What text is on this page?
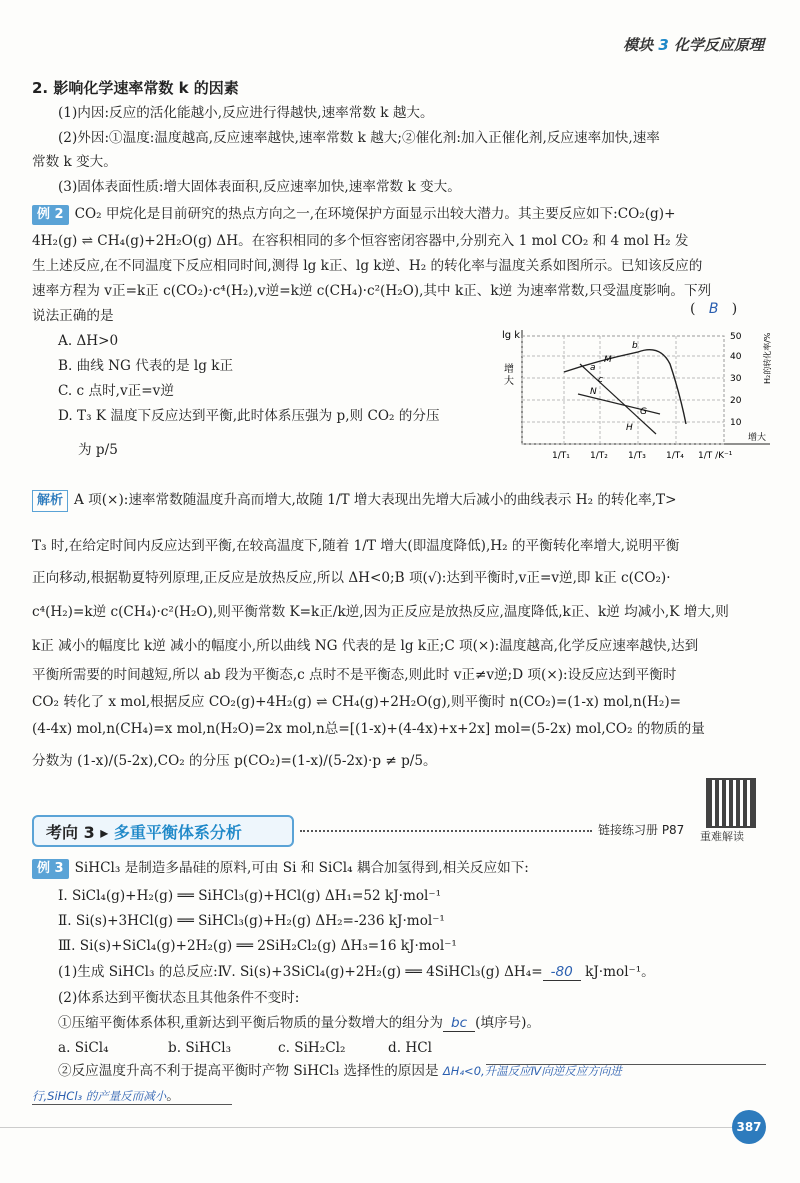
模块 3 化学反应原理
2. 影响化学速率常数 k 的因素
(1)内因:反应的活化能越小,反应进行得越快,速率常数 k 越大。
(2)外因:①温度:温度越高,反应速率越快,速率常数 k 越大;②催化剂:加入正催化剂,反应速率加快,速率
常数 k 变大。
(3)固体表面性质:增大固体表面积,反应速率加快,速率常数 k 变大。
例 2 CO₂ 甲烷化是目前研究的热点方向之一,在环境保护方面显示出较大潜力。其主要反应如下:CO₂(g)+
4H₂(g) ⇌ CH₄(g)+2H₂O(g) ΔH。在容积相同的多个恒容密闭容器中,分别充入 1 mol CO₂ 和 4 mol H₂ 发
生上述反应,在不同温度下反应相同时间,测得 lg k正、lg k逆、H₂ 的转化率与温度关系如图所示。已知该反应的
速率方程为 v正=k正 c(CO₂)·c⁴(H₂),v逆=k逆 c(CH₄)·c²(H₂O),其中 k正、k逆 为速率常数,只受温度影响。下列
说法正确的是	( B )
A. ΔH>0
B. 曲线 NG 代表的是 lg k正
C. c 点时,v正=v逆
D. T₃ K 温度下反应达到平衡,此时体系压强为 p,则 CO₂ 的分压
为 p/5
lg k
增
大
50
40
30
20
10
H₂的转化率/%
1/T₁ 1/T₂ 1/T₃ 1/T₄ 1/T /K⁻¹
增大
a
M
b
N
c
G
H
解析 A 项(×):速率常数随温度升高而增大,故随 1/T 增大表现出先增大后减小的曲线表示 H₂ 的转化率,T>
T₃ 时,在给定时间内反应达到平衡,在较高温度下,随着 1/T 增大(即温度降低),H₂ 的平衡转化率增大,说明平衡
正向移动,根据勒夏特列原理,正反应是放热反应,所以 ΔH<0;B 项(√):达到平衡时,v正=v逆,即 k正 c(CO₂)·
c⁴(H₂)=k逆 c(CH₄)·c²(H₂O),则平衡常数 K=k正/k逆,因为正反应是放热反应,温度降低,k正、k逆 均减小,K 增大,则
k正 减小的幅度比 k逆 减小的幅度小,所以曲线 NG 代表的是 lg k正;C 项(×):温度越高,化学反应速率越快,达到
平衡所需要的时间越短,所以 ab 段为平衡态,c 点时不是平衡态,则此时 v正≠v逆;D 项(×):设反应达到平衡时
CO₂ 转化了 x mol,根据反应 CO₂(g)+4H₂(g) ⇌ CH₄(g)+2H₂O(g),则平衡时 n(CO₂)=(1-x) mol,n(H₂)=
(4-4x) mol,n(CH₄)=x mol,n(H₂O)=2x mol,n总=[(1-x)+(4-4x)+x+2x] mol=(5-2x) mol,CO₂ 的物质的量
分数为 (1-x)/(5-2x),CO₂ 的分压 p(CO₂)=(1-x)/(5-2x)·p ≠ p/5。
重难解读
考向 3 ▸ 多重平衡体系分析	链接练习册 P87
例 3 SiHCl₃ 是制造多晶硅的原料,可由 Si 和 SiCl₄ 耦合加氢得到,相关反应如下:
Ⅰ. SiCl₄(g)+H₂(g) ══ SiHCl₃(g)+HCl(g) ΔH₁=52 kJ·mol⁻¹
Ⅱ. Si(s)+3HCl(g) ══ SiHCl₃(g)+H₂(g) ΔH₂=-236 kJ·mol⁻¹
Ⅲ. Si(s)+SiCl₄(g)+2H₂(g) ══ 2SiH₂Cl₂(g) ΔH₃=16 kJ·mol⁻¹
(1)生成 SiHCl₃ 的总反应:Ⅳ. Si(s)+3SiCl₄(g)+2H₂(g) ══ 4SiHCl₃(g) ΔH₄= -80 kJ·mol⁻¹。
(2)体系达到平衡状态且其他条件不变时:
①压缩平衡体系体积,重新达到平衡后物质的量分数增大的组分为 bc (填序号)。
a. SiCl₄	b. SiHCl₃	c. SiH₂Cl₂	d. HCl
②反应温度升高不利于提高平衡时产物 SiHCl₃ 选择性的原因是 ΔH₄<0,升温反应Ⅳ向逆反应方向进
行,SiHCl₃ 的产量反而减小。
387
